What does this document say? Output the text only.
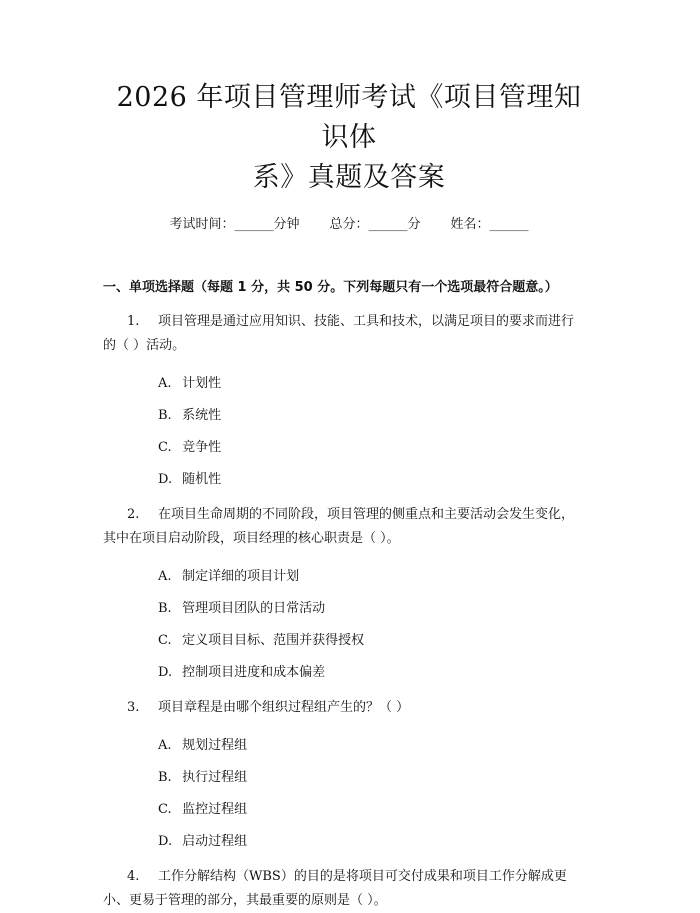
2026 年项目管理师考试《项目管理知识体
系》真题及答案
考试时间：______分钟 总分：______分 姓名：______
一、单项选择题（每题 1 分，共 50 分。下列每题只有一个选项最符合题意。）
1. 项目管理是通过应用知识、技能、工具和技术，以满足项目的要求而进行
的（ ）活动。
A. 计划性
B. 系统性
C. 竞争性
D. 随机性
2. 在项目生命周期的不同阶段，项目管理的侧重点和主要活动会发生变化，
其中在项目启动阶段，项目经理的核心职责是（ ）。
A. 制定详细的项目计划
B. 管理项目团队的日常活动
C. 定义项目目标、范围并获得授权
D. 控制项目进度和成本偏差
3. 项目章程是由哪个组织过程组产生的？（ ）
A. 规划过程组
B. 执行过程组
C. 监控过程组
D. 启动过程组
4. 工作分解结构（WBS）的目的是将项目可交付成果和项目工作分解成更
小、更易于管理的部分，其最重要的原则是（ ）。
